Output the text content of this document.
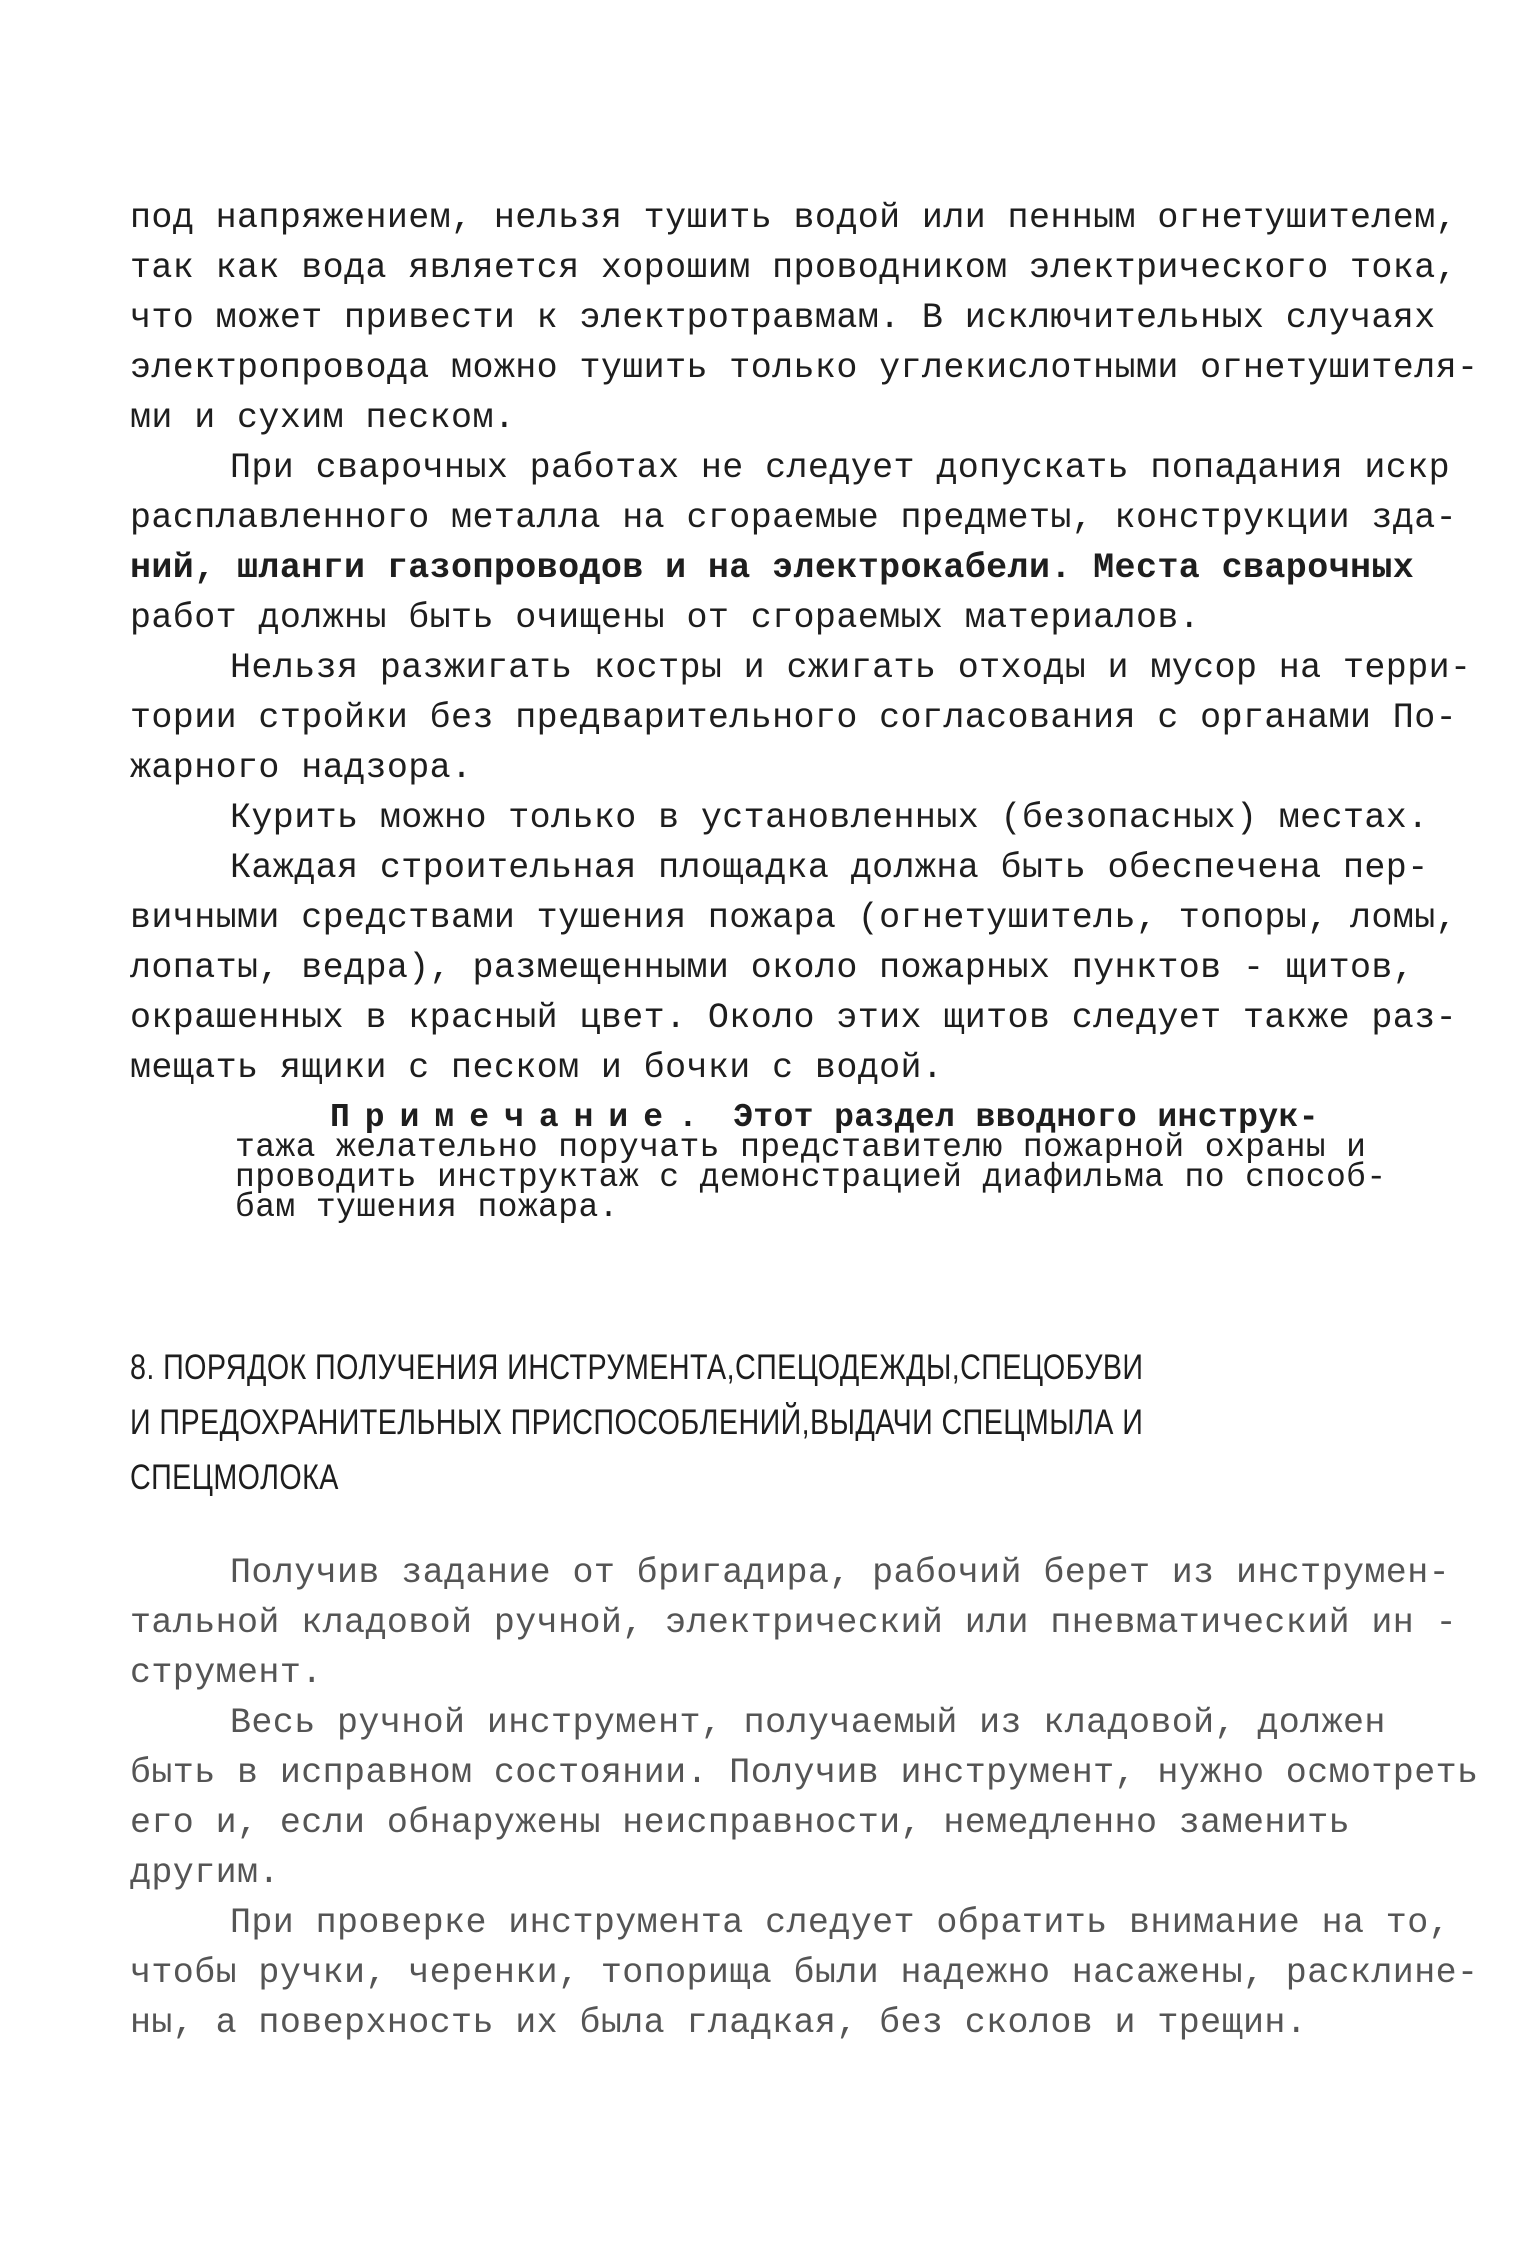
под напряжением, нельзя тушить водой или пенным огнетушителем,
так как вода является хорошим проводником электрического тока,
что может привести к электротравмам. В исключительных случаях
электропровода можно тушить только углекислотными огнетушителя-
ми и сухим песком.
При сварочных работах не следует допускать попадания искр
расплавленного металла на сгораемые предметы, конструкции зда-
ний, шланги газопроводов и на электрокабели. Места сварочных
работ должны быть очищены от сгораемых материалов.
Нельзя разжигать костры и сжигать отходы и мусор на терри-
тории стройки без предварительного согласования с органами По-
жарного надзора.
Курить можно только в установленных (безопасных) местах.
Каждая строительная площадка должна быть обеспечена пер-
вичными средствами тушения пожара (огнетушитель, топоры, ломы,
лопаты, ведра), размещенными около пожарных пунктов - щитов,
окрашенных в красный цвет. Около этих щитов следует также раз-
мещать ящики с песком и бочки с водой.
Примечание. Этот раздел вводного инструк-
тажа желательно поручать представителю пожарной охраны и
проводить инструктаж с демонстрацией диафильма по способ-
бам тушения пожара.
8. ПОРЯДОК ПОЛУЧЕНИЯ ИНСТРУМЕНТА,СПЕЦОДЕЖДЫ,СПЕЦОБУВИ
И ПРЕДОХРАНИТЕЛЬНЫХ ПРИСПОСОБЛЕНИЙ,ВЫДАЧИ СПЕЦМЫЛА И
СПЕЦМОЛОКА
Получив задание от бригадира, рабочий берет из инструмен-
тальной кладовой ручной, электрический или пневматический ин -
струмент.
Весь ручной инструмент, получаемый из кладовой, должен
быть в исправном состоянии. Получив инструмент, нужно осмотреть
его и, если обнаружены неисправности, немедленно заменить
другим.
При проверке инструмента следует обратить внимание на то,
чтобы ручки, черенки, топорища были надежно насажены, расклине-
ны, а поверхность их была гладкая, без сколов и трещин.
